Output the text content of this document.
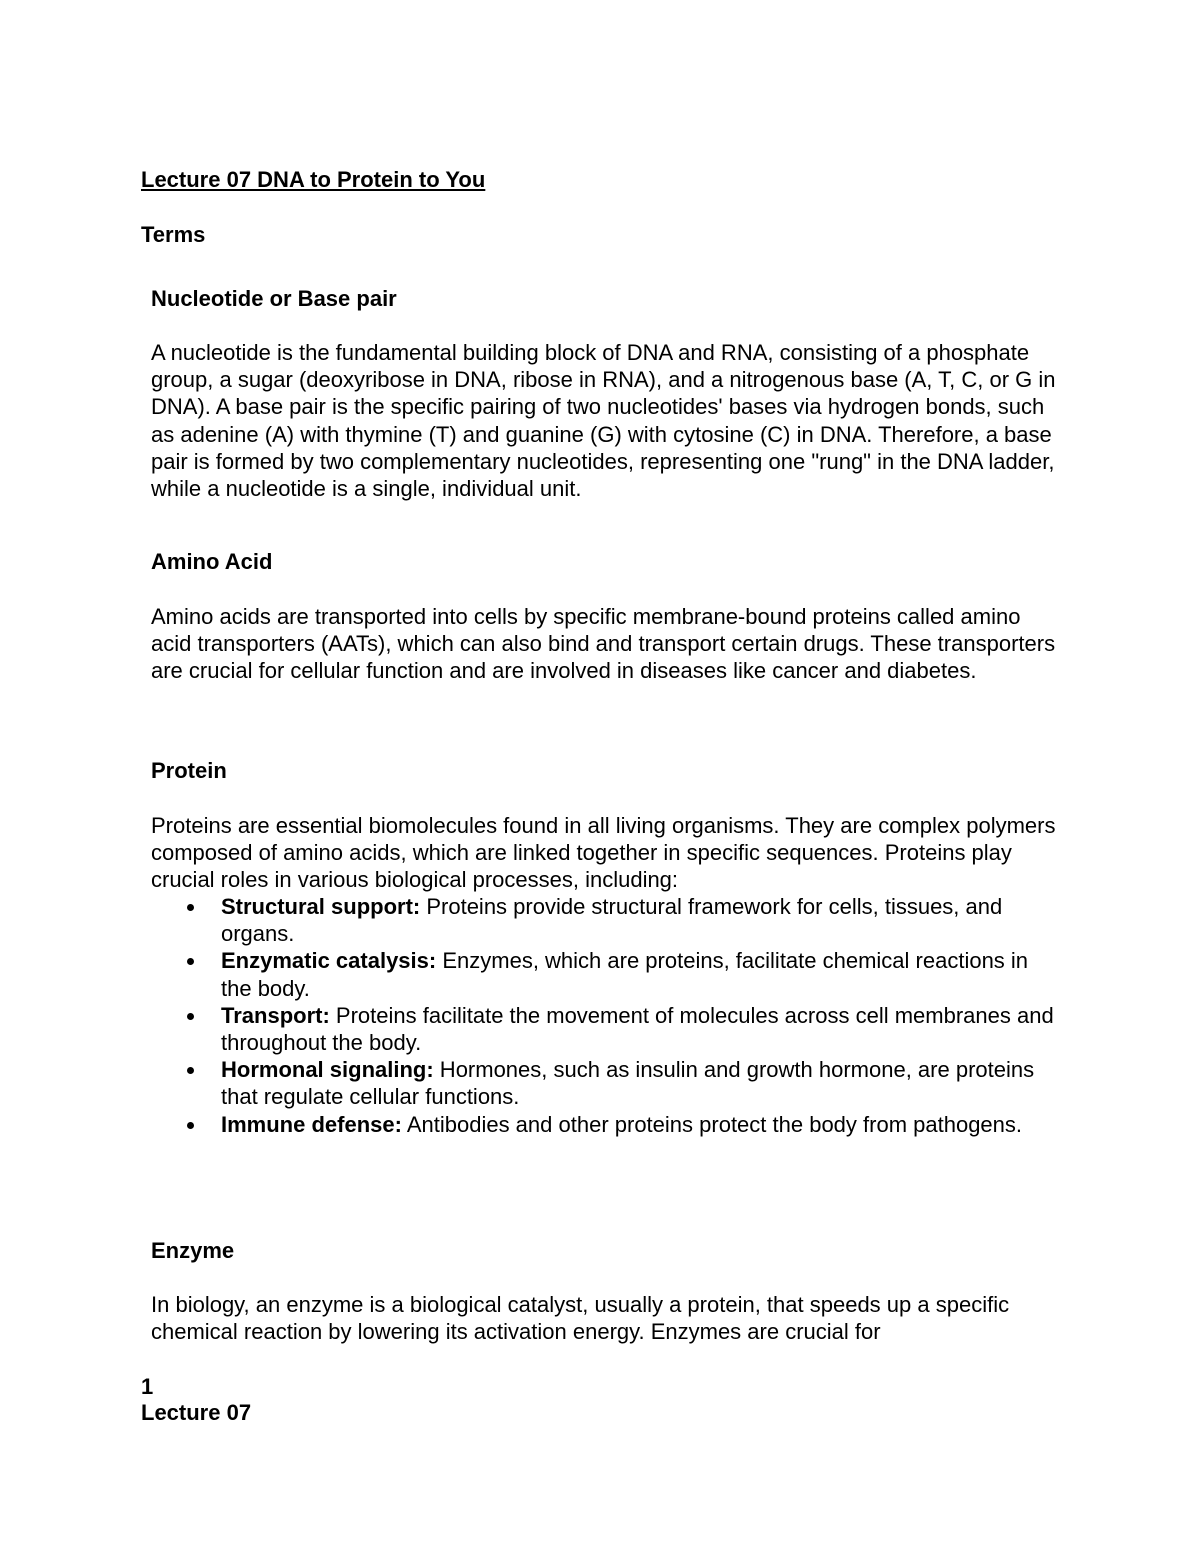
Lecture 07 DNA to Protein to You
Terms
Nucleotide or Base pair

A nucleotide is the fundamental building block of DNA and RNA, consisting of a phosphate group, a sugar (deoxyribose in DNA, ribose in RNA), and a nitrogenous base (A, T, C, or G in DNA). A base pair is the specific pairing of two nucleotides' bases via hydrogen bonds, such as adenine (A) with thymine (T) and guanine (G) with cytosine (C) in DNA. Therefore, a base pair is formed by two complementary nucleotides, representing one "rung" in the DNA ladder, while a nucleotide is a single, individual unit.

Amino Acid

Amino acids are transported into cells by specific membrane-bound proteins called amino acid transporters (AATs), which can also bind and transport certain drugs. These transporters are crucial for cellular function and are involved in diseases like cancer and diabetes.

Protein

Proteins are essential biomolecules found in all living organisms. They are complex polymers composed of amino acids, which are linked together in specific sequences. Proteins play crucial roles in various biological processes, including:

Structural support: Proteins provide structural framework for cells, tissues, and organs.
Enzymatic catalysis: Enzymes, which are proteins, facilitate chemical reactions in the body.
Transport: Proteins facilitate the movement of molecules across cell membranes and throughout the body.
Hormonal signaling: Hormones, such as insulin and growth hormone, are proteins that regulate cellular functions.
Immune defense: Antibodies and other proteins protect the body from pathogens.
Enzyme

In biology, an enzyme is a biological catalyst, usually a protein, that speeds up a specific chemical reaction by lowering its activation energy. Enzymes are crucial for

1
Lecture 07
